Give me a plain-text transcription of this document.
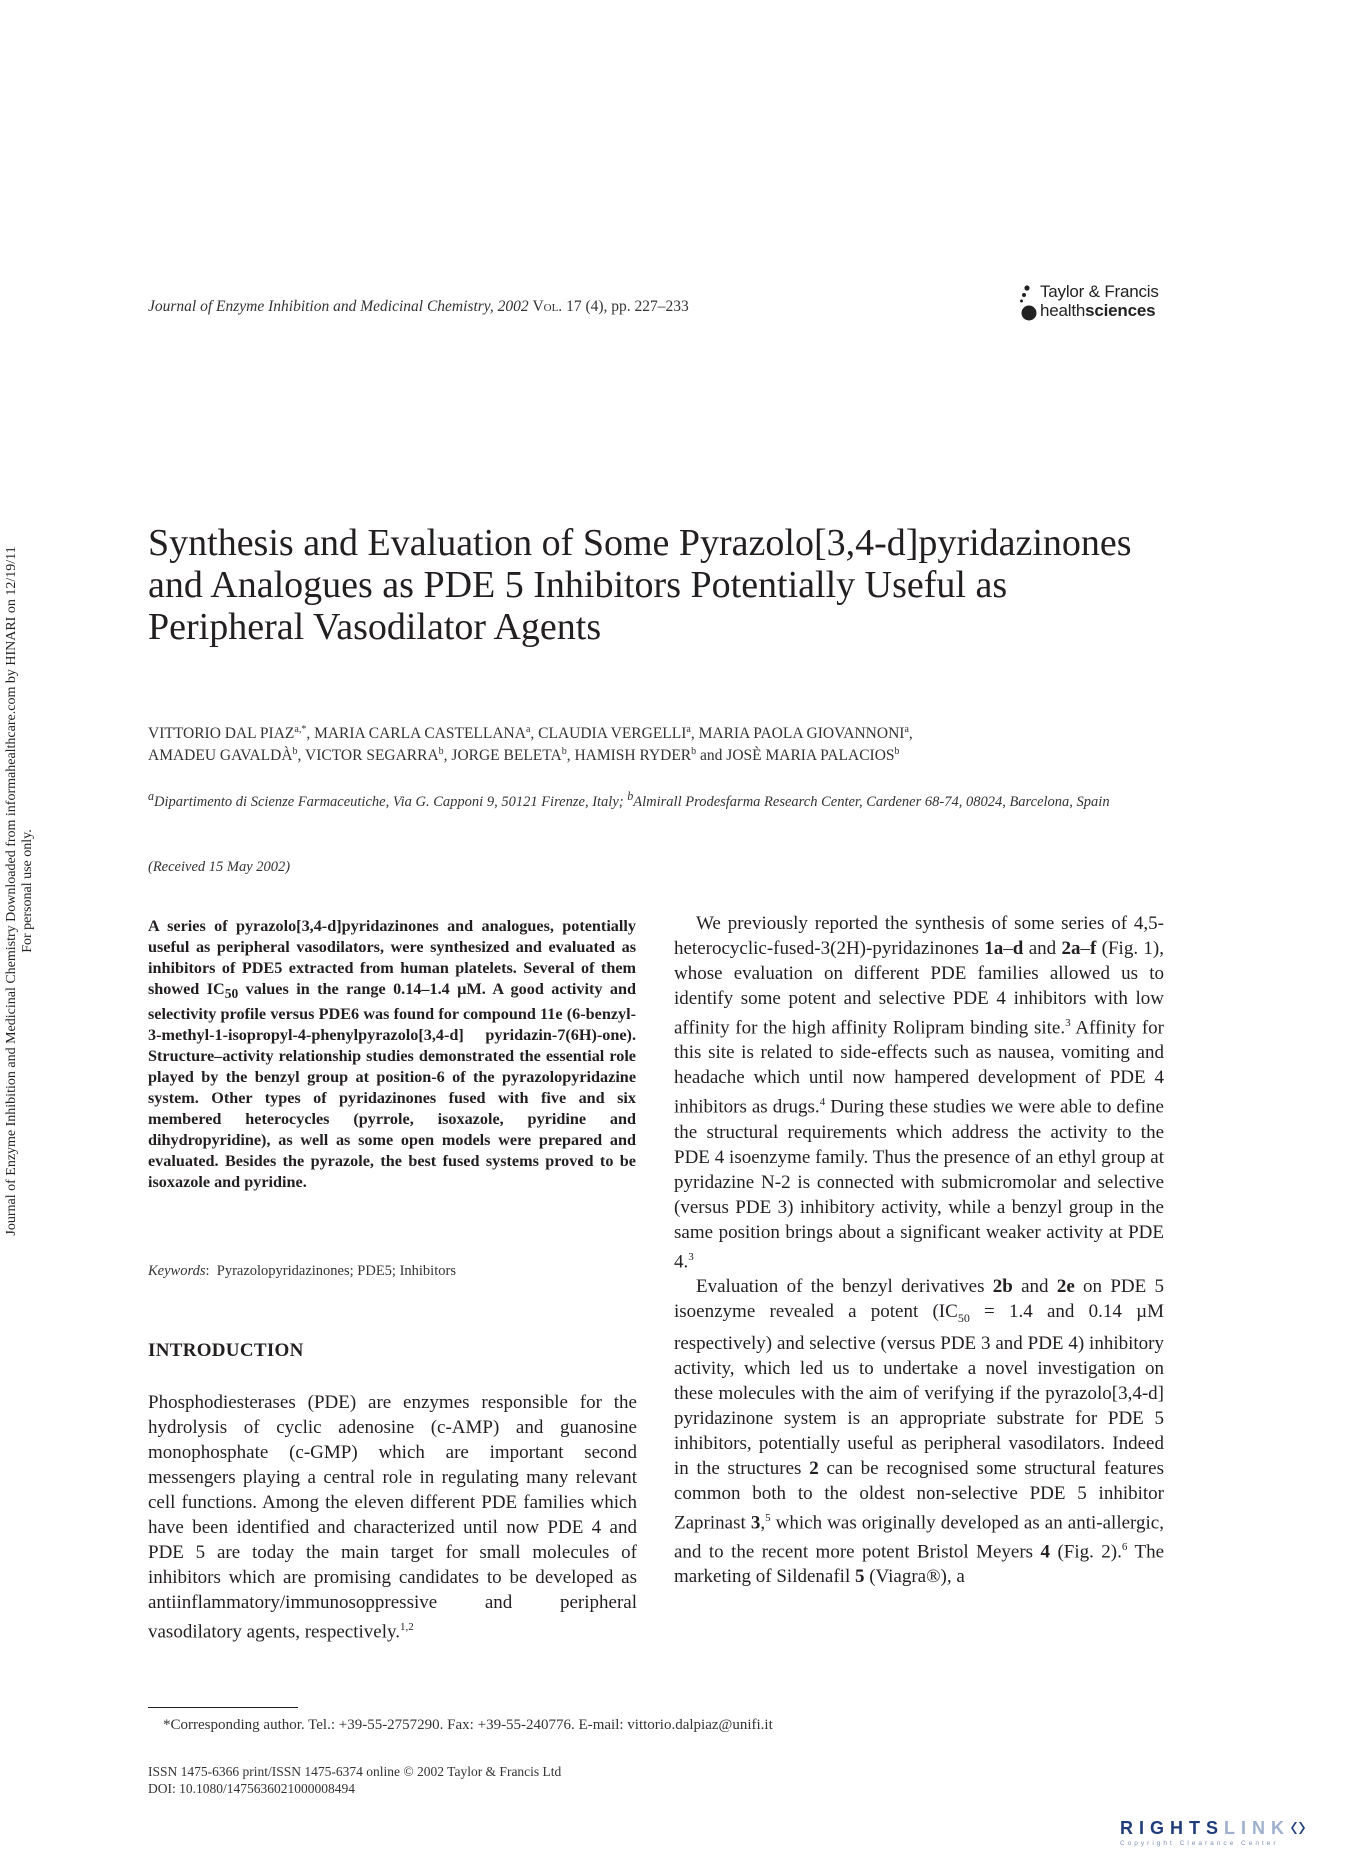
Journal of Enzyme Inhibition and Medicinal Chemistry, 2002 Vol. 17 (4), pp. 227–233
Taylor & Francis
healthsciences
Journal of Enzyme Inhibition and Medicinal Chemistry Downloaded from informahealthcare.com by HINARI on 12/19/11 For personal use only.
Synthesis and Evaluation of Some Pyrazolo[3,4-d]pyridazinones and Analogues as PDE 5 Inhibitors Potentially Useful as Peripheral Vasodilator Agents
VITTORIO DAL $PIAZ^{a,*}$, MARIA CARLA CASTELLANA$^a$, CLAUDIA VERGELLI$^a$, MARIA PAOLA GIOVANNONI$^a$,
AMADEU GAVALDÀ$^b$, VICTOR SEGARRA$^b$, JORGE BELETA$^b$, HAMISH RYDER$^b$ and JOSÈ MARIA PALACIOS$^b$
$^a$Dipartimento di Scienze Farmaceutiche, Via G. Capponi 9, 50121 Firenze, Italy; $^b$Almirall Prodesfarma Research Center, Cardener 68-74, 08024, Barcelona, Spain
(Received 15 May 2002)
A series of pyrazolo[3,4-d]pyridazinones and analogues, potentially useful as peripheral vasodilators, were synthesized and evaluated as inhibitors of PDE5 extracted from human platelets. Several of them showed $IC_{50}$ values in the range 0.14–1.4 µM. A good activity and selectivity profile versus PDE6 was found for compound 11e (6-benzyl-3-methyl-1-isopropyl-4-phenylpyrazolo[3,4-d] pyridazin-7(6H)-one). Structure–activity relationship studies demonstrated the essential role played by the benzyl group at position-6 of the pyrazolopyridazine system. Other types of pyridazinones fused with five and six membered heterocycles (pyrrole, isoxazole, pyridine and dihydropyridine), as well as some open models were prepared and evaluated. Besides the pyrazole, the best fused systems proved to be isoxazole and pyridine.
Keywords:  Pyrazolopyridazinones; PDE5; Inhibitors
INTRODUCTION
Phosphodiesterases (PDE) are enzymes responsible for the hydrolysis of cyclic adenosine (c-AMP) and guanosine monophosphate (c-GMP) which are important second messengers playing a central role in regulating many relevant cell functions. Among the eleven different PDE families which have been identified and characterized until now PDE 4 and PDE 5 are today the main target for small molecules of inhibitors which are promising candidates to be developed as antiinflammatory/immunosoppressive and peripheral vasodilatory agents, respectively.$^{1,2}$

We previously reported the synthesis of some series of 4,5-heterocyclic-fused-3(2H)-pyridazinones 1a–d and 2a–f (Fig. 1), whose evaluation on different PDE families allowed us to identify some potent and selective PDE 4 inhibitors with low affinity for the high affinity Rolipram binding site.$^3$ Affinity for this site is related to side-effects such as nausea, vomiting and headache which until now hampered development of PDE 4 inhibitors as drugs.$^4$ During these studies we were able to define the structural requirements which address the activity to the PDE 4 isoenzyme family. Thus the presence of an ethyl group at pyridazine N-2 is connected with submicromolar and selective (versus PDE 3) inhibitory activity, while a benzyl group in the same position brings about a significant weaker activity at PDE 4.$^3$

Evaluation of the benzyl derivatives 2b and 2e on PDE 5 isoenzyme revealed a potent ($IC_{50} = 1.4$ and 0.14 µM respectively) and selective (versus PDE 3 and PDE 4) inhibitory activity, which led us to undertake a novel investigation on these molecules with the aim of verifying if the pyrazolo[3,4-d] pyridazinone system is an appropriate substrate for PDE 5 inhibitors, potentially useful as peripheral vasodilators. Indeed in the structures 2 can be recognised some structural features common both to the oldest non-selective PDE 5 inhibitor Zaprinast 3,$^5$ which was originally developed as an anti-allergic, and to the recent more potent Bristol Meyers 4 (Fig. 2).$^6$ The marketing of Sildenafil 5 (Viagra®), a

*Corresponding author. Tel.: +39-55-2757290. Fax: +39-55-240776. E-mail: vittorio.dalpiaz@unifi.it
ISSN 1475-6366 print/ISSN 1475-6374 online © 2002 Taylor & Francis Ltd
DOI: 10.1080/1475636021000008494
RIGHTSLINK
Copyright Clearance Center
